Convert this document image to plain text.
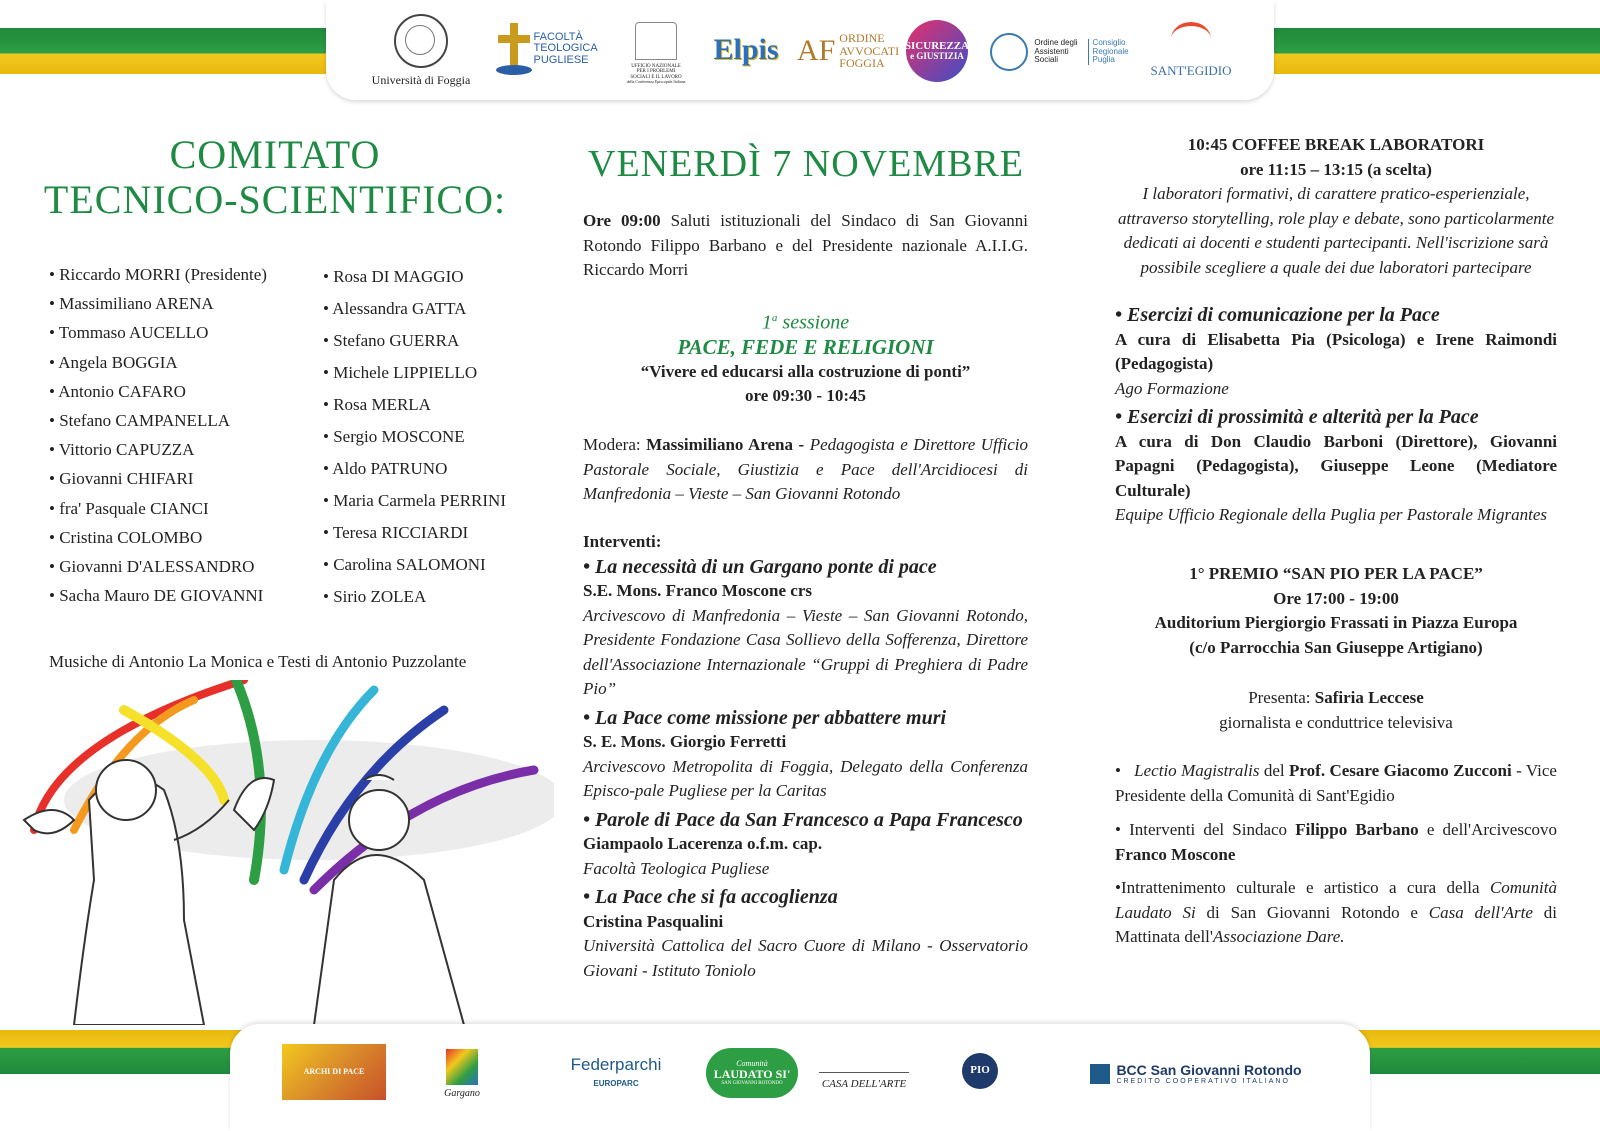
Università di Foggia
FACOLTÀ TEOLOGICA PUGLIESE
UFFICIO NAZIONALE
PER I PROBLEMI
SOCIALI E IL LAVORO
della Conferenza Episcopale Italiana
Elpis AF ORDINE
AVVOCATI
FOGGIA
SICUREZZA
e GIUSTIZIA
Ordine degli
Assistenti
Sociali
Consiglio
Regionale
Puglia
SANT'EGIDIO
COMITATO
TECNICO-SCIENTIFICO:
• Riccardo MORRI (Presidente)
• Massimiliano ARENA
• Tommaso AUCELLO
• Angela BOGGIA
• Antonio CAFARO
• Stefano CAMPANELLA
• Vittorio CAPUZZA
• Giovanni CHIFARI
• fra' Pasquale CIANCI
• Cristina COLOMBO
• Giovanni D'ALESSANDRO
• Sacha Mauro DE GIOVANNI
• Rosa DI MAGGIO
• Alessandra GATTA
• Stefano GUERRA
• Michele LIPPIELLO
• Rosa MERLA
• Sergio MOSCONE
• Aldo PATRUNO
• Maria Carmela PERRINI
• Teresa RICCIARDI
• Carolina SALOMONI
• Sirio ZOLEA
Musiche di Antonio La Monica e Testi di Antonio Puzzolante
VENERDÌ 7 NOVEMBRE
Ore 09:00 Saluti istituzionali del Sindaco di San Giovanni Rotondo Filippo Barbano e del Presidente nazionale A.I.I.G. Riccardo Morri

1$^a$ sessione

PACE, FEDE E RELIGIONI

“Vivere ed educarsi alla costruzione di ponti”

ore 09:30 - 10:45

Modera: Massimiliano Arena - Pedagogista e Direttore Ufficio Pastorale Sociale, Giustizia e Pace dell'Arcidiocesi di Manfredonia – Vieste – San Giovanni Rotondo

Interventi:

• La necessità di un Gargano ponte di pace

S.E. Mons. Franco Moscone crs

Arcivescovo di Manfredonia – Vieste – San Giovanni Rotondo, Presidente Fondazione Casa Sollievo della Sofferenza, Direttore dell'Associazione Internazionale “Gruppi di Preghiera di Padre Pio”

• La Pace come missione per abbattere muri

S. E. Mons. Giorgio Ferretti

Arcivescovo Metropolita di Foggia, Delegato della Conferenza Episco-pale Pugliese per la Caritas

• Parole di Pace da San Francesco a Papa Francesco

Giampaolo Lacerenza o.f.m. cap.

Facoltà Teologica Pugliese

• La Pace che si fa accoglienza

Cristina Pasqualini

Università Cattolica del Sacro Cuore di Milano - Osservatorio Giovani - Istituto Toniolo

10:45 COFFEE BREAK LABORATORI

ore 11:15 – 13:15 (a scelta)

I laboratori formativi, di carattere pratico-esperienziale, attraverso storytelling, role play e debate, sono particolarmente dedicati ai docenti e studenti partecipanti. Nell'iscrizione sarà possibile scegliere a quale dei due laboratori partecipare

• Esercizi di comunicazione per la Pace

A cura di Elisabetta Pia (Psicologa) e Irene Raimondi (Pedagogista)

Ago Formazione

• Esercizi di prossimità e alterità per la Pace

A cura di Don Claudio Barboni (Direttore), Giovanni Papagni (Pedagogista), Giuseppe Leone (Mediatore Culturale)

Equipe Ufficio Regionale della Puglia per Pastorale Migrantes

1° PREMIO “SAN PIO PER LA PACE”

Ore 17:00 - 19:00

Auditorium Piergiorgio Frassati in Piazza Europa

(c/o Parrocchia San Giuseppe Artigiano)

Presenta: Safiria Leccese

giornalista e conduttrice televisiva

•   Lectio Magistralis del Prof. Cesare Giacomo Zucconi - Vice Presidente della Comunità di Sant'Egidio
• Interventi del Sindaco Filippo Barbano e dell'Arcivescovo Franco Moscone
•Intrattenimento culturale e artistico a cura della Comunità Laudato Si di San Giovanni Rotondo e Casa dell'Arte di Mattinata dell'Associazione Dare.
ARCHI DI PACE
Gargano
Federparchi
EUROPARC
Comunità
LAUDATO SI'
SAN GIOVANNI ROTONDO	CASA DELL'ARTE
PIO	BCC San Giovanni Rotondo
CREDITO COOPERATIVO ITALIANO
